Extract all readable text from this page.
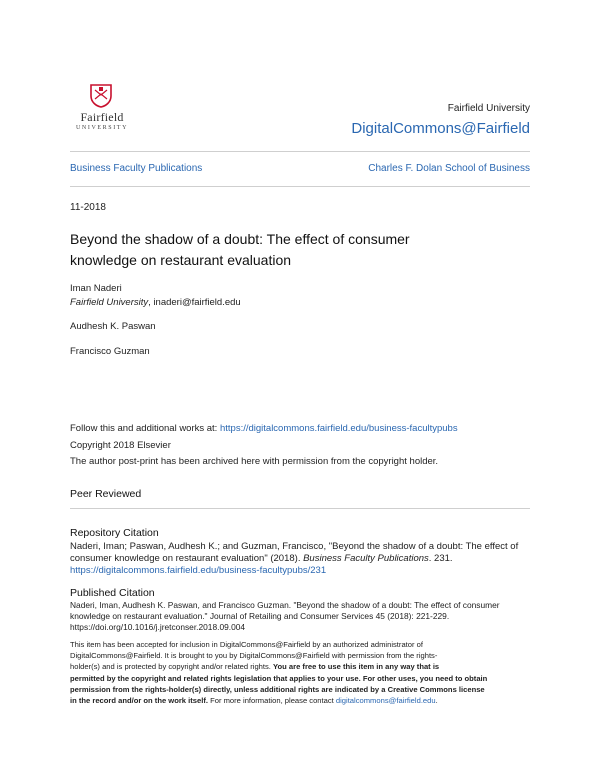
Fairfield
UNIVERSITY
Fairfield University
DigitalCommons@Fairfield
Business Faculty Publications	Charles F. Dolan School of Business
11-2018
Beyond the shadow of a doubt: The effect of consumer
knowledge on restaurant evaluation
Iman Naderi
Fairfield University, inaderi@fairfield.edu
Audhesh K. Paswan
Francisco Guzman
Follow this and additional works at: https://digitalcommons.fairfield.edu/business-facultypubs
Copyright 2018 Elsevier
The author post-print has been archived here with permission from the copyright holder.
Peer Reviewed
Repository Citation
Naderi, Iman; Paswan, Audhesh K.; and Guzman, Francisco, "Beyond the shadow of a doubt: The effect of
consumer knowledge on restaurant evaluation" (2018). Business Faculty Publications. 231.
https://digitalcommons.fairfield.edu/business-facultypubs/231
Published Citation
Naderi, Iman, Audhesh K. Paswan, and Francisco Guzman. "Beyond the shadow of a doubt: The effect of consumer
knowledge on restaurant evaluation." Journal of Retailing and Consumer Services 45 (2018): 221-229.
https://doi.org/10.1016/j.jretconser.2018.09.004
This item has been accepted for inclusion in DigitalCommons@Fairfield by an authorized administrator of
DigitalCommons@Fairfield. It is brought to you by DigitalCommons@Fairfield with permission from the rights-
holder(s) and is protected by copyright and/or related rights. You are free to use this item in any way that is
permitted by the copyright and related rights legislation that applies to your use. For other uses, you need to obtain
permission from the rights-holder(s) directly, unless additional rights are indicated by a Creative Commons license
in the record and/or on the work itself. For more information, please contact digitalcommons@fairfield.edu.
